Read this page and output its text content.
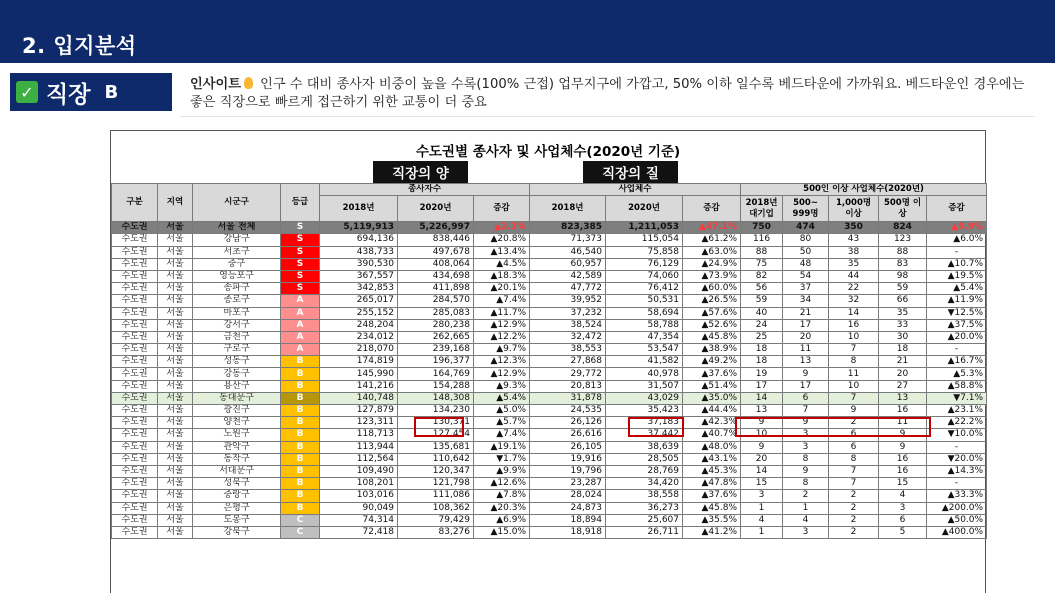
2. 입지분석
✓ 직장 B	인사이트 인구 수 대비 종사자 비중이 높을 수록(100% 근접) 업무지구에 가깝고, 50% 이하 일수록 베드타운에 가까워요. 베드타운인 경우에는 좋은 직장으로 빠르게 접근하기 위한 교통이 더 중요
수도권별 종사자 및 사업체수(2020년 기준)
직장의 양	직장의 질
구분	지역	시군구	등급	종사자수			사업체수			500인 이상 사업체수(2020년)				
				2018년	2020년	증감	2018년	2020년	증감	2018년 대기업	500~ 999명	1,000명 이상	500명 이상	증감
수도권	서울	서울 전체	S	5,119,913	5,226,997	▲2.1%	823,385	1,211,053	▲47.1%	750	474	350	824	▲9.9%
수도권	서울	강남구	S	694,136	838,446	▲20.8%	71,373	115,054	▲61.2%	116	80	43	123	▲6.0%
수도권	서울	서초구	S	438,733	497,678	▲13.4%	46,540	75,858	▲63.0%	88	50	38	88	-
수도권	서울	중구	S	390,530	408,064	▲4.5%	60,957	76,129	▲24.9%	75	48	35	83	▲10.7%
수도권	서울	영등포구	S	367,557	434,698	▲18.3%	42,589	74,060	▲73.9%	82	54	44	98	▲19.5%
수도권	서울	송파구	S	342,853	411,898	▲20.1%	47,772	76,412	▲60.0%	56	37	22	59	▲5.4%
수도권	서울	종로구	A	265,017	284,570	▲7.4%	39,952	50,531	▲26.5%	59	34	32	66	▲11.9%
수도권	서울	마포구	A	255,152	285,083	▲11.7%	37,232	58,694	▲57.6%	40	21	14	35	▼12.5%
수도권	서울	강서구	A	248,204	280,238	▲12.9%	38,524	58,788	▲52.6%	24	17	16	33	▲37.5%
수도권	서울	금천구	A	234,012	262,665	▲12.2%	32,472	47,354	▲45.8%	25	20	10	30	▲20.0%
수도권	서울	구로구	A	218,070	239,168	▲9.7%	38,553	53,547	▲38.9%	18	11	7	18	-
수도권	서울	성동구	B	174,819	196,377	▲12.3%	27,868	41,582	▲49.2%	18	13	8	21	▲16.7%
수도권	서울	강동구	B	145,990	164,769	▲12.9%	29,772	40,978	▲37.6%	19	9	11	20	▲5.3%
수도권	서울	용산구	B	141,216	154,288	▲9.3%	20,813	31,507	▲51.4%	17	17	10	27	▲58.8%
수도권	서울	동대문구	B	140,748	148,308	▲5.4%	31,878	43,029	▲35.0%	14	6	7	13	▼7.1%
수도권	서울	광진구	B	127,879	134,230	▲5.0%	24,535	35,423	▲44.4%	13	7	9	16	▲23.1%
수도권	서울	양천구	B	123,311	130,371	▲5.7%	26,126	37,183	▲42.3%	9	9	2	11	▲22.2%
수도권	서울	노원구	B	118,713	127,454	▲7.4%	26,616	37,442	▲40.7%	10	3	6	9	▼10.0%
수도권	서울	관악구	B	113,944	135,681	▲19.1%	26,105	38,639	▲48.0%	9	3	6	9	-
수도권	서울	동작구	B	112,564	110,642	▼1.7%	19,916	28,505	▲43.1%	20	8	8	16	▼20.0%
수도권	서울	서대문구	B	109,490	120,347	▲9.9%	19,796	28,769	▲45.3%	14	9	7	16	▲14.3%
수도권	서울	성북구	B	108,201	121,798	▲12.6%	23,287	34,420	▲47.8%	15	8	7	15	-
수도권	서울	중랑구	B	103,016	111,086	▲7.8%	28,024	38,558	▲37.6%	3	2	2	4	▲33.3%
수도권	서울	은평구	B	90,049	108,362	▲20.3%	24,873	36,273	▲45.8%	1	1	2	3	▲200.0%
수도권	서울	도봉구	C	74,314	79,429	▲6.9%	18,894	25,607	▲35.5%	4	4	2	6	▲50.0%
수도권	서울	강북구	C	72,418	83,276	▲15.0%	18,918	26,711	▲41.2%	1	3	2	5	▲400.0%
